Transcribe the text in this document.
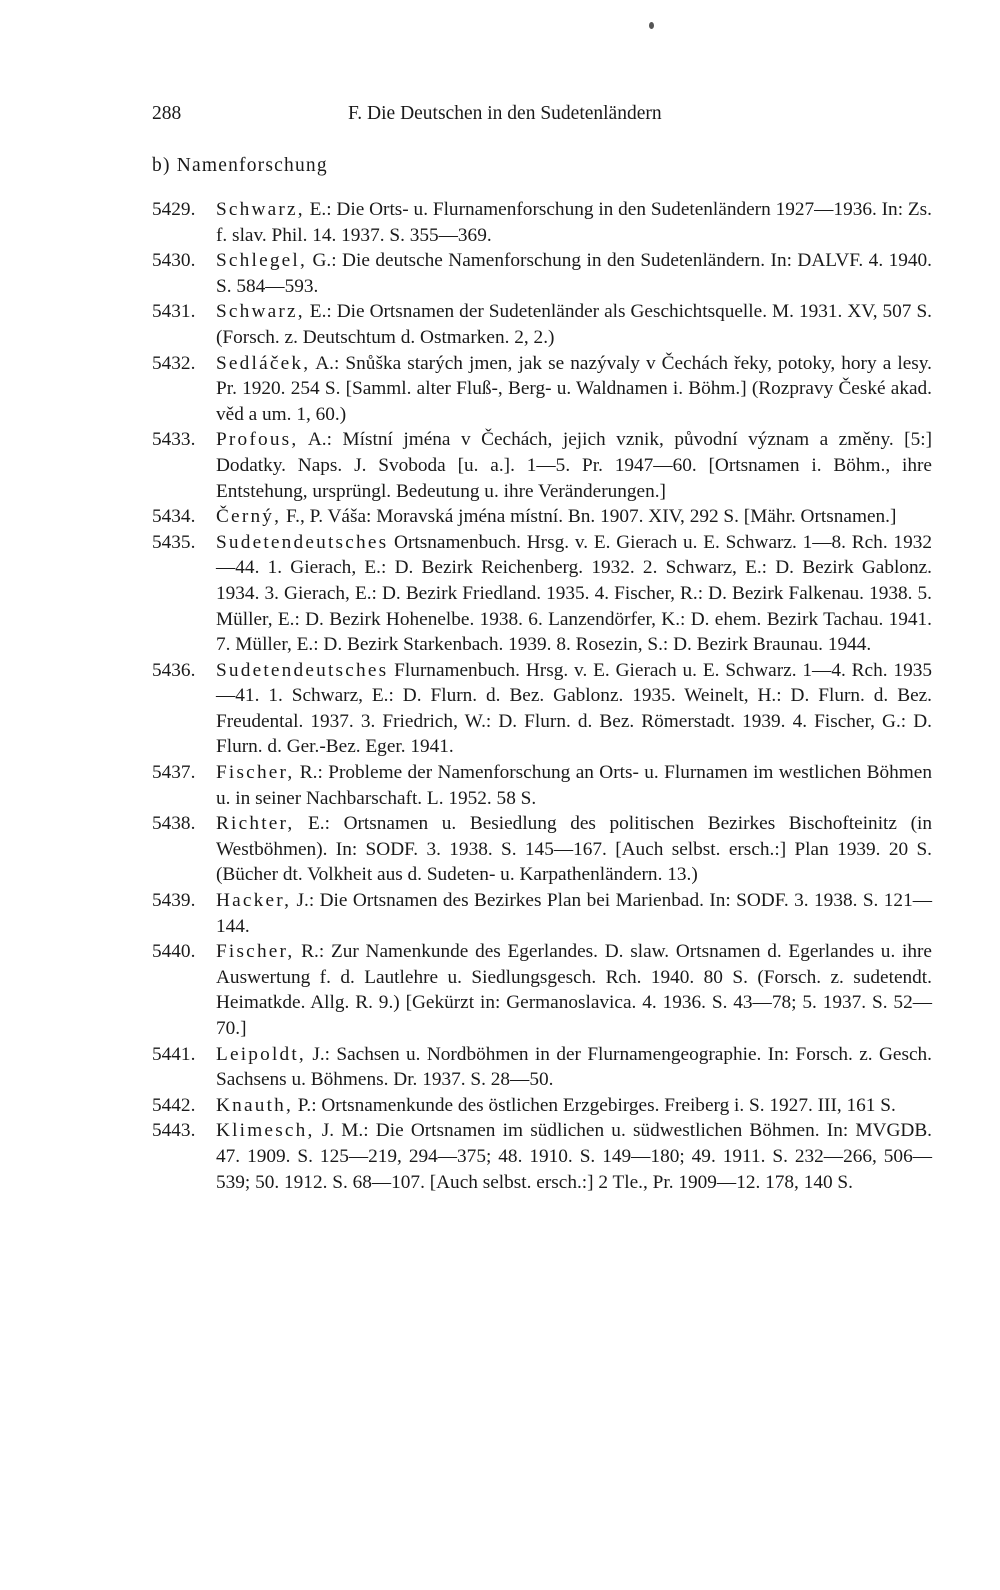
288	F. Die Deutschen in den Sudetenländern
b) Namenforschung
5429. Schwarz, E.: Die Orts- u. Flurnamenforschung in den Sudetenländern 1927—1936. In: Zs. f. slav. Phil. 14. 1937. S. 355—369.
5430. Schlegel, G.: Die deutsche Namenforschung in den Sudetenländern. In: DALVF. 4. 1940. S. 584—593.
5431. Schwarz, E.: Die Ortsnamen der Sudetenländer als Geschichtsquelle. M. 1931. XV, 507 S. (Forsch. z. Deutschtum d. Ostmarken. 2, 2.)
5432. Sedláček, A.: Snůška starých jmen, jak se nazývaly v Čechách řeky, potoky, hory a lesy. Pr. 1920. 254 S. [Samml. alter Fluß-, Berg- u. Waldnamen i. Böhm.] (Rozpravy České akad. věd a um. 1, 60.)
5433. Profous, A.: Místní jména v Čechách, jejich vznik, původní význam a změny. [5:] Dodatky. Naps. J. Svoboda [u. a.]. 1—5. Pr. 1947—60. [Ortsnamen i. Böhm., ihre Entstehung, ursprüngl. Bedeutung u. ihre Veränderungen.]
5434. Černý, F., P. Váša: Moravská jména místní. Bn. 1907. XIV, 292 S. [Mähr. Ortsnamen.]
5435. Sudetendeutsches Ortsnamenbuch. Hrsg. v. E. Gierach u. E. Schwarz. 1—8. Rch. 1932—44. 1. Gierach, E.: D. Bezirk Reichenberg. 1932. 2. Schwarz, E.: D. Bezirk Gablonz. 1934. 3. Gierach, E.: D. Bezirk Friedland. 1935. 4. Fischer, R.: D. Bezirk Falkenau. 1938. 5. Müller, E.: D. Bezirk Hohenelbe. 1938. 6. Lanzendörfer, K.: D. ehem. Bezirk Tachau. 1941. 7. Müller, E.: D. Bezirk Starkenbach. 1939. 8. Rosezin, S.: D. Bezirk Braunau. 1944.
5436. Sudetendeutsches Flurnamenbuch. Hrsg. v. E. Gierach u. E. Schwarz. 1—4. Rch. 1935—41. 1. Schwarz, E.: D. Flurn. d. Bez. Gablonz. 1935. Weinelt, H.: D. Flurn. d. Bez. Freudental. 1937. 3. Friedrich, W.: D. Flurn. d. Bez. Römerstadt. 1939. 4. Fischer, G.: D. Flurn. d. Ger.-Bez. Eger. 1941.
5437. Fischer, R.: Probleme der Namenforschung an Orts- u. Flurnamen im westlichen Böhmen u. in seiner Nachbarschaft. L. 1952. 58 S.
5438. Richter, E.: Ortsnamen u. Besiedlung des politischen Bezirkes Bischofteinitz (in Westböhmen). In: SODF. 3. 1938. S. 145—167. [Auch selbst. ersch.:] Plan 1939. 20 S. (Bücher dt. Volkheit aus d. Sudeten- u. Karpathenländern. 13.)
5439. Hacker, J.: Die Ortsnamen des Bezirkes Plan bei Marienbad. In: SODF. 3. 1938. S. 121—144.
5440. Fischer, R.: Zur Namenkunde des Egerlandes. D. slaw. Ortsnamen d. Egerlandes u. ihre Auswertung f. d. Lautlehre u. Siedlungsgesch. Rch. 1940. 80 S. (Forsch. z. sudetendt. Heimatkde. Allg. R. 9.) [Gekürzt in: Germanoslavica. 4. 1936. S. 43—78; 5. 1937. S. 52—70.]
5441. Leipoldt, J.: Sachsen u. Nordböhmen in der Flurnamengeographie. In: Forsch. z. Gesch. Sachsens u. Böhmens. Dr. 1937. S. 28—50.
5442. Knauth, P.: Ortsnamenkunde des östlichen Erzgebirges. Freiberg i. S. 1927. III, 161 S.
5443. Klimesch, J. M.: Die Ortsnamen im südlichen u. südwestlichen Böhmen. In: MVGDB. 47. 1909. S. 125—219, 294—375; 48. 1910. S. 149—180; 49. 1911. S. 232—266, 506—539; 50. 1912. S. 68—107. [Auch selbst. ersch.:] 2 Tle., Pr. 1909—12. 178, 140 S.
